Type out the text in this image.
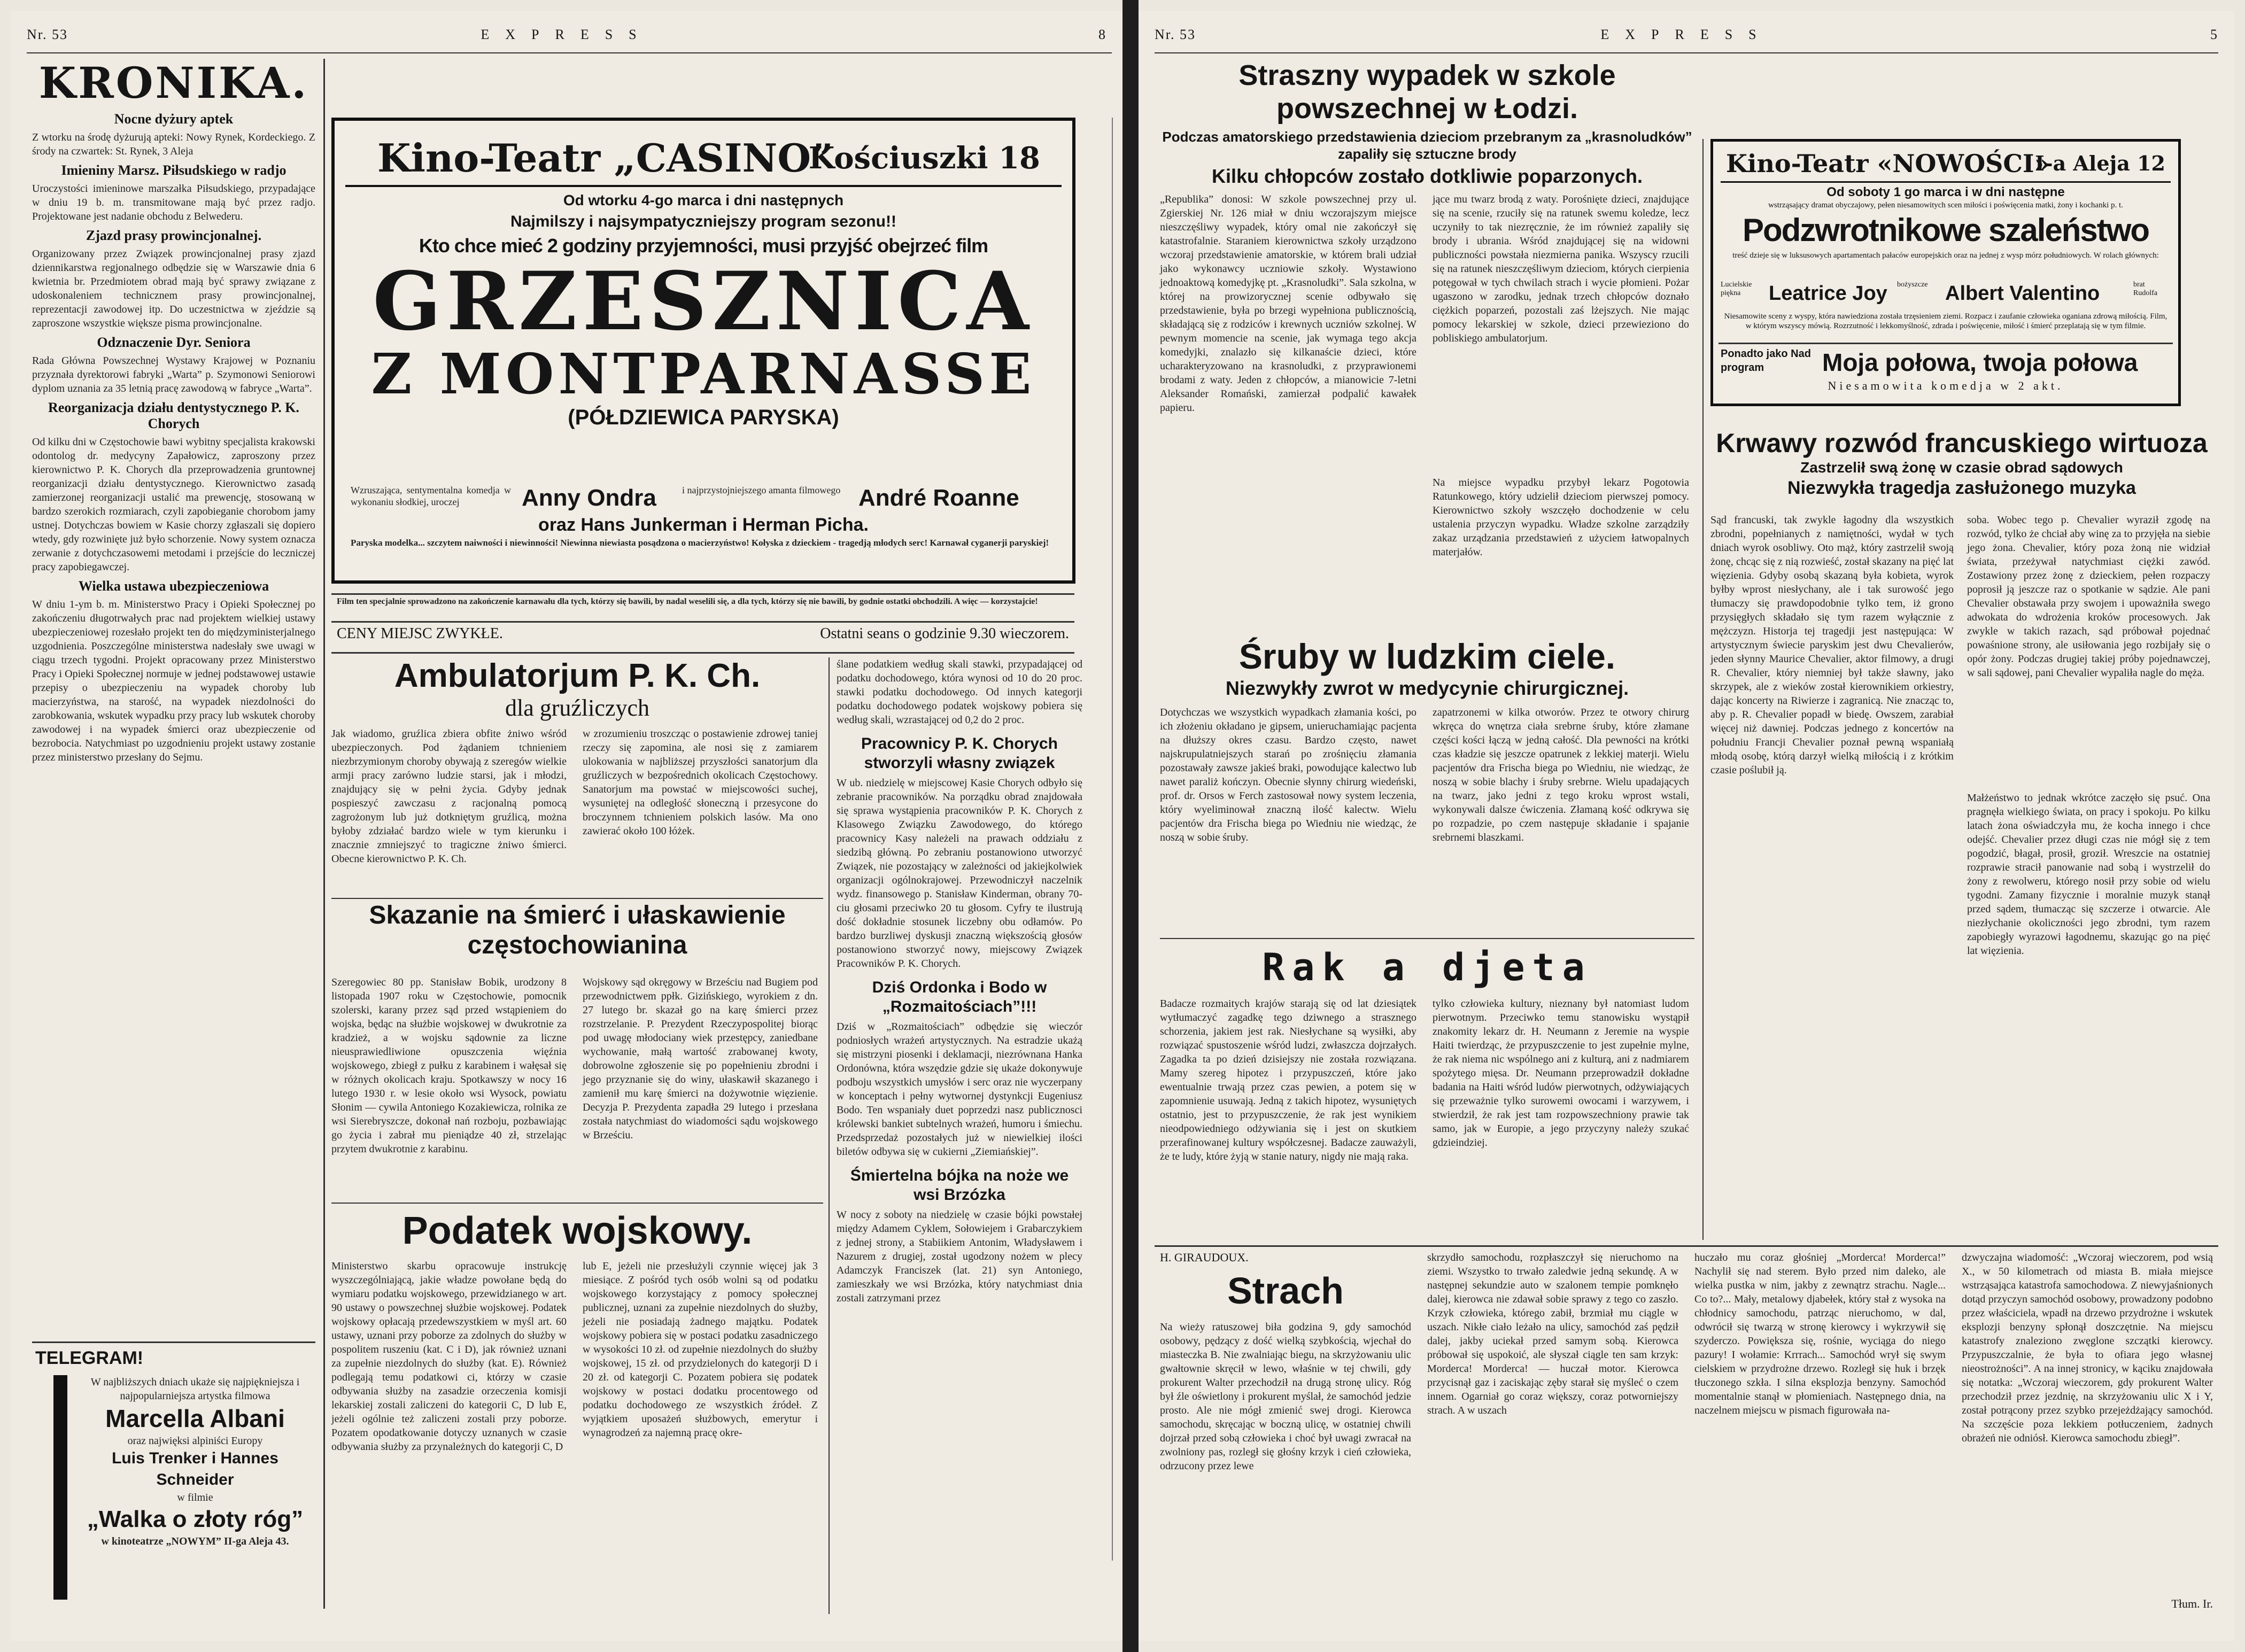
Nr. 53	EXPRESS	8
KRONIKA.
Nocne dyżury aptek
Z wtorku na środę dyżurują apteki: Nowy Rynek, Kordeckiego. Z środy na czwartek: St. Rynek, 3 Aleja
Imieniny Marsz. Piłsudskiego w radjo
Uroczystości imieninowe marszałka Piłsudskiego, przypadające w dniu 19 b. m. transmitowane mają być przez radjo. Projektowane jest nadanie obchodu z Belwederu.
Zjazd prasy prowincjonalnej.
Organizowany przez Związek prowincjonalnej prasy zjazd dziennikarstwa regjonalnego odbędzie się w Warszawie dnia 6 kwietnia br. Przedmiotem obrad mają być sprawy związane z udoskonaleniem technicznem prasy prowincjonalnej, reprezentacji zawodowej itp. Do uczestnictwa w zjeździe są zaproszone wszystkie większe pisma prowincjonalne.
Odznaczenie Dyr. Seniora
Rada Główna Powszechnej Wystawy Krajowej w Poznaniu przyznała dyrektorowi fabryki „Warta” p. Szymonowi Seniorowi dyplom uznania za 35 letnią pracę zawodową w fabryce „Warta”.
Reorganizacja działu dentystycznego P. K. Chorych
Od kilku dni w Częstochowie bawi wybitny specjalista krakowski odontolog dr. medycyny Zapałowicz, zaproszony przez kierownictwo P. K. Chorych dla przeprowadzenia gruntownej reorganizacji działu dentystycznego. Kierownictwo zasadą zamierzonej reorganizacji ustalić ma prewencję, stosowaną w bardzo szerokich rozmiarach, czyli zapobieganie chorobom jamy ustnej. Dotychczas bowiem w Kasie chorzy zgłaszali się dopiero wtedy, gdy rozwinięte już było schorzenie. Nowy system oznacza zerwanie z dotychczasowemi metodami i przejście do leczniczej pracy zapobiegawczej.
Wielka ustawa ubezpieczeniowa
W dniu 1-ym b. m. Ministerstwo Pracy i Opieki Społecznej po zakończeniu długotrwałych prac nad projektem wielkiej ustawy ubezpieczeniowej rozesłało projekt ten do międzyministerjalnego uzgodnienia. Poszczególne ministerstwa nadesłały swe uwagi w ciągu trzech tygodni. Projekt opracowany przez Ministerstwo Pracy i Opieki Społecznej normuje w jednej podstawowej ustawie przepisy o ubezpieczeniu na wypadek choroby lub macierzyństwa, na starość, na wypadek niezdolności do zarobkowania, wskutek wypadku przy pracy lub wskutek choroby zawodowej i na wypadek śmierci oraz ubezpieczenie od bezrobocia. Natychmiast po uzgodnieniu projekt ustawy zostanie przez ministerstwo przesłany do Sejmu.
TELEGRAM!
W najbliższych dniach ukaże się najpiękniejsza i najpopularniejsza artystka filmowa
Marcella Albani
oraz najwięksi alpiniści Europy
Luis Trenker i Hannes Schneider
w filmie
„Walka o złoty róg”
w kinoteatrze „NOWYM” II-ga Aleja 43.
Kino-Teatr „CASINO”
Kościuszki 18
Od wtorku 4-go marca i dni następnych
Najmilszy i najsympatyczniejszy program sezonu!!
Kto chce mieć 2 godziny przyjemności, musi przyjść obejrzeć film
GRZESZNICA
Z MONTPARNASSE
(PÓŁDZIEWICA PARYSKA)
Wzruszająca, sentymentalna komedja w wykonaniu słodkiej, uroczej	Anny Ondra	i najprzystojniejszego amanta filmowego André Roanne
oraz Hans Junkerman i Herman Picha.
Paryska modelka... szczytem naiwności i niewinności! Niewinna niewiasta posądzona o macierzyństwo! Kołyska z dzieckiem - tragedją młodych serc! Karnawał cyganerji paryskiej!
Film ten specjalnie sprowadzono na zakończenie karnawału dla tych, którzy się bawili, by nadal weselili się, a dla tych, którzy się nie bawili, by godnie ostatki obchodzili. A więc — korzystajcie!
CENY MIEJSC ZWYKŁE.	Ostatni seans o godzinie 9.30 wieczorem.
Ambulatorjum P. K. Ch.
dla gruźliczych
Jak wiadomo, gruźlica zbiera obfite żniwo wśród ubezpieczonych. Pod żądaniem tchnieniem niezbrzymionym choroby obywają z szeregów wielkie armji pracy zarówno ludzie starsi, jak i młodzi, znajdujący się w pełni życia. Gdyby jednak pospieszyć zawczasu z racjonalną pomocą zagrożonym lub już dotkniętym gruźlicą, można byłoby zdziałać bardzo wiele w tym kierunku i znacznie zmniejszyć to tragiczne żniwo śmierci. Obecne kierownictwo P. K. Ch.
w zrozumieniu troszcząc o postawienie zdrowej taniej rzeczy się zapomina, ale nosi się z zamiarem ulokowania w najbliższej przyszłości sanatorjum dla gruźliczych w bezpośrednich okolicach Częstochowy. Sanatorjum ma powstać w miejscowości suchej, wysuniętej na odległość słoneczną i przesycone do broczynnem tchnieniem polskich lasów. Ma ono zawierać około 100 łóżek.
Skazanie na śmierć i ułaskawienie częstochowianina
Szeregowiec 80 pp. Stanisław Bobik, urodzony 8 listopada 1907 roku w Częstochowie, pomocnik szolerski, karany przez sąd przed wstąpieniem do wojska, będąc na służbie wojskowej w dwukrotnie za kradzież, a w wojsku sądownie za liczne nieusprawiedliwione opuszczenia więźnia wojskowego, zbiegł z pułku z karabinem i wałęsał się w różnych okolicach kraju. Spotkawszy w nocy 16 lutego 1930 r. w lesie około wsi Wysock, powiatu Słonim — cywila Antoniego Kozakiewicza, rolnika ze wsi Sierebryszcze, dokonał nań rozboju, pozbawiając go życia i zabrał mu pieniądze 40 zł, strzelając przytem dwukrotnie z karabinu.
Wojskowy sąd okręgowy w Brześciu nad Bugiem pod przewodnictwem ppłk. Gizińskiego, wyrokiem z dn. 27 lutego br. skazał go na karę śmierci przez rozstrzelanie. P. Prezydent Rzeczypospolitej biorąc pod uwagę młodociany wiek przestępcy, zaniedbane wychowanie, małą wartość zrabowanej kwoty, dobrowolne zgłoszenie się po popełnieniu zbrodni i jego przyznanie się do winy, ułaskawił skazanego i zamienił mu karę śmierci na dożywotnie więzienie. Decyzja P. Prezydenta zapadła 29 lutego i przesłana została natychmiast do wiadomości sądu wojskowego w Brześciu.
Podatek wojskowy.
Ministerstwo skarbu opracowuje instrukcję wyszczególniającą, jakie władze powołane będą do wymiaru podatku wojskowego, przewidzianego w art. 90 ustawy o powszechnej służbie wojskowej. Podatek wojskowy opłacają przedewszystkiem w myśl art. 60 ustawy, uznani przy poborze za zdolnych do służby w pospolitem ruszeniu (kat. C i D), jak również uznani za zupełnie niezdolnych do służby (kat. E). Również podlegają temu podatkowi ci, którzy w czasie odbywania służby na zasadzie orzeczenia komisji lekarskiej zostali zaliczeni do kategorii C, D lub E, jeżeli ogólnie też zaliczeni zostali przy poborze. Pozatem opodatkowanie dotyczy uznanych w czasie odbywania służby za przynależnych do kategorji C, D
lub E, jeżeli nie przesłużyli czynnie więcej jak 3 miesiące. Z pośród tych osób wolni są od podatku wojskowego korzystający z pomocy społecznej publicznej, uznani za zupełnie niezdolnych do służby, jeżeli nie posiadają żadnego majątku. Podatek wojskowy pobiera się w postaci podatku zasadniczego w wysokości 10 zł. od zupełnie niezdolnych do służby wojskowej, 15 zł. od przydzielonych do kategorji D i 20 zł. od kategorji C. Pozatem pobiera się podatek wojskowy w postaci dodatku procentowego od podatku dochodowego ze wszystkich źródeł. Z wyjątkiem uposażeń służbowych, emerytur i wynagrodzeń za najemną pracę okre-
ślane podatkiem według skali stawki, przypadającej od podatku dochodowego, która wynosi od 10 do 20 proc. stawki podatku dochodowego. Od innych kategorji podatku dochodowego podatek wojskowy pobiera się według skali, wzrastającej od 0,2 do 2 proc.
Pracownicy P. K. Chorych stworzyli własny związek
W ub. niedzielę w miejscowej Kasie Chorych odbyło się zebranie pracowników. Na porządku obrad znajdowała się sprawa wystąpienia pracowników P. K. Chorych z Klasowego Związku Zawodowego, do którego pracownicy Kasy należeli na prawach oddziału z siedzibą główną. Po zebraniu postanowiono utworzyć Związek, nie pozostający w zależności od jakiejkolwiek organizacji ogólnokrajowej. Przewodniczył naczelnik wydz. finansowego p. Stanisław Kinderman, obrany 70-ciu głosami przeciwko 20 tu głosom. Cyfry te ilustrują dość dokładnie stosunek liczebny obu odłamów. Po bardzo burzliwej dyskusji znaczną większością głosów postanowiono stworzyć nowy, miejscowy Związek Pracowników P. K. Chorych.
Dziś Ordonka i Bodo w „Rozmaitościach”!!!
Dziś w „Rozmaitościach” odbędzie się wieczór podniosłych wrażeń artystycznych. Na estradzie ukażą się mistrzyni piosenki i deklamacji, niezrównana Hanka Ordonówna, która wszędzie gdzie się ukaże dokonywuje podboju wszystkich umysłów i serc oraz nie wyczerpany w konceptach i pełny wytwornej dystynkcji Eugeniusz Bodo. Ten wspaniały duet poprzedzi nasz publicznosci królewski bankiet subtelnych wrażeń, humoru i śmiechu. Przedsprzedaż pozostałych już w niewielkiej ilości biletów odbywa się w cukierni „Ziemiańskiej”.
Śmiertelna bójka na noże we wsi Brzózka
W nocy z soboty na niedzielę w czasie bójki powstałej między Adamem Cyklem, Sołowiejem i Grabarczykiem z jednej strony, a Stabiikiem Antonim, Władysławem i Nazurem z drugiej, został ugodzony nożem w plecy Adamczyk Franciszek (lat. 21) syn Antoniego, zamieszkały we wsi Brzózka, który natychmiast dnia zostali zatrzymani przez
Nr. 53	EXPRESS	5
Straszny wypadek w szkole powszechnej w Łodzi.
Podczas amatorskiego przedstawienia dzieciom przebranym za „krasnoludków” zapaliły się sztuczne brody
Kilku chłopców zostało dotkliwie poparzonych.
„Republika” donosi: W szkole powszechnej przy ul. Zgierskiej Nr. 126 miał w dniu wczorajszym miejsce nieszczęśliwy wypadek, który omal nie zakończył się katastrofalnie. Staraniem kierownictwa szkoły urządzono wczoraj przedstawienie amatorskie, w którem brali udział jako wykonawcy uczniowie szkoły. Wystawiono jednoaktową komedyjkę pt. „Krasnoludki”. Sala szkolna, w której na prowizorycznej scenie odbywało się przedstawienie, była po brzegi wypełniona publicznością, składającą się z rodziców i krewnych uczniów szkolnej. W pewnym momencie na scenie, jak wymaga tego akcja komedyjki, znalazło się kilkanaście dzieci, które ucharakteryzowano na krasnoludki, z przyprawionemi brodami z waty. Jeden z chłopców, a mianowicie 7-letni Aleksander Romański, zamierzał podpalić kawałek papieru.
jące mu twarz brodą z waty. Porośnięte dzieci, znajdujące się na scenie, rzuciły się na ratunek swemu koledze, lecz uczyniły to tak niezręcznie, że im również zapaliły się brody i ubrania. Wśród znajdującej się na widowni publiczności powstała niezmierna panika. Wszyscy rzucili się na ratunek nieszczęśliwym dzieciom, których cierpienia potęgował w tych chwilach strach i wycie płomieni. Pożar ugaszono w zarodku, jednak trzech chłopców doznało ciężkich poparzeń, pozostali zaś lżejszych. Nie mając pomocy lekarskiej w szkole, dzieci przewieziono do pobliskiego ambulatorjum.
Na miejsce wypadku przybył lekarz Pogotowia Ratunkowego, który udzielił dzieciom pierwszej pomocy. Kierownictwo szkoły wszczęło dochodzenie w celu ustalenia przyczyn wypadku. Władze szkolne zarządziły zakaz urządzania przedstawień z użyciem łatwopalnych materjałów.
Kino-Teatr «NOWOŚCI»
I-a Aleja 12
Od soboty 1 go marca i w dni następne
wstrząsający dramat obyczajowy, pełen niesamowitych scen miłości i poświęcenia matki, żony i kochanki p. t.
Podzwrotnikowe szaleństwo
treść dzieje się w luksusowych apartamentach pałaców europejskich oraz na jednej z wysp mórz południowych. W rolach głównych:
Lucielskie piękna	Leatrice Joy bożyszcze Albert Valentino	brat Rudolfa
Niesamowite sceny z wyspy, która nawiedziona została trzęsieniem ziemi. Rozpacz i zaufanie człowieka oganiana zdrową miłością. Film, w którym wszyscy mówią. Rozrzutność i lekkomyślność, zdrada i poświęcenie, miłość i śmierć przeplatają się w tym filmie.
Ponadto jako Nad program	Moja połowa, twoja połowa
Niesamowita komedja w 2 akt.
Krwawy rozwód francuskiego wirtuoza
Zastrzelił swą żonę w czasie obrad sądowych
Niezwykła tragedja zasłużonego muzyka
Sąd francuski, tak zwykle łagodny dla wszystkich zbrodni, popełnianych z namiętności, wydał w tych dniach wyrok osobliwy. Oto mąż, który zastrzelił swoją żonę, chcąc się z nią rozwieść, został skazany na pięć lat więzienia. Gdyby osobą skazaną była kobieta, wyrok byłby wprost niesłychany, ale i tak surowość jego tłumaczy się prawdopodobnie tylko tem, iż grono przysięgłych składało się tym razem wyłącznie z mężczyzn. Historja tej tragedji jest następująca: W artystycznym świecie paryskim jest dwu Chevalierów, jeden słynny Maurice Chevalier, aktor filmowy, a drugi R. Chevalier, który niemniej był także sławny, jako skrzypek, ale z wieków został kierownikiem orkiestry, dając koncerty na Riwierze i zagranicą. Nie znacząc to, aby p. R. Chevalier popadł w biedę. Owszem, zarabiał więcej niż dawniej. Podczas jednego z koncertów na południu Francji Chevalier poznał pewną wspaniałą młodą osobę, którą darzył wielką miłością i z krótkim czasie poślubił ją.
soba. Wobec tego p. Chevalier wyraził zgodę na rozwód, tylko że chciał aby winę za to przyjęła na siebie jego żona. Chevalier, który poza żoną nie widział świata, przeżywał natychmiast ciężki zawód. Zostawiony przez żonę z dzieckiem, pełen rozpaczy poprosił ją jeszcze raz o spotkanie w sądzie. Ale pani Chevalier obstawała przy swojem i upoważniła swego adwokata do wdrożenia kroków procesowych. Jak zwykle w takich razach, sąd próbował pojednać powaśnione strony, ale usiłowania jego rozbijały się o opór żony. Podczas drugiej takiej próby pojednawczej, w sali sądowej, pani Chevalier wypaliła nagle do męża.
Małżeństwo to jednak wkrótce zaczęło się psuć. Ona pragnęła wielkiego świata, on pracy i spokoju. Po kilku latach żona oświadczyła mu, że kocha innego i chce odejść. Chevalier przez długi czas nie mógł się z tem pogodzić, błagał, prosił, groził. Wreszcie na ostatniej rozprawie stracił panowanie nad sobą i wystrzelił do żony z rewolweru, którego nosił przy sobie od wielu tygodni. Zamany fizycznie i moralnie muzyk stanął przed sądem, tłumacząc się szczerze i otwarcie. Ale niezłychanie okoliczności jego zbrodni, tym razem zapobiegły wyrazowi łagodnemu, skazując go na pięć lat więzienia.
Śruby w ludzkim ciele.
Niezwykły zwrot w medycynie chirurgicznej.
Dotychczas we wszystkich wypadkach złamania kości, po ich złożeniu okładano je gipsem, unieruchamiając pacjenta na dłuższy okres czasu. Bardzo często, nawet najskrupulatniejszych starań po zrośnięciu złamania pozostawały zawsze jakieś braki, powodujące kalectwo lub nawet paraliż kończyn. Obecnie słynny chirurg wiedeński, prof. dr. Orsos w Ferch zastosował nowy system leczenia, który wyeliminował znaczną ilość kalectw. Wielu pacjentów dra Frischa biega po Wiedniu nie wiedząc, że noszą w sobie śruby.
zapatrzonemi w kilka otworów. Przez te otwory chirurg wkręca do wnętrza ciała srebrne śruby, które złamane części kości łączą w jedną całość. Dla pewności na krótki czas kładzie się jeszcze opatrunek z lekkiej materji. Wielu pacjentów dra Frischa biega po Wiedniu, nie wiedząc, że noszą w sobie blachy i śruby srebrne. Wielu upadających na twarz, jako jedni z tego kroku wprost wstali, wykonywali dalsze ćwiczenia. Złamaną kość odkrywa się po rozpadzie, po czem następuje składanie i spajanie srebrnemi blaszkami.
Rak a djeta
Badacze rozmaitych krajów starają się od lat dziesiątek wytłumaczyć zagadkę tego dziwnego a strasznego schorzenia, jakiem jest rak. Niesłychane są wysiłki, aby rozwiązać spustoszenie wśród ludzi, zwłaszcza dojrzałych. Zagadka ta po dzień dzisiejszy nie została rozwiązana. Mamy szereg hipotez i przypuszczeń, które jako ewentualnie trwają przez czas pewien, a potem się w zapomnienie usuwają. Jedną z takich hipotez, wysuniętych ostatnio, jest to przypuszczenie, że rak jest wynikiem nieodpowiedniego odżywiania się i jest on skutkiem przerafinowanej kultury współczesnej. Badacze zauważyli, że te ludy, które żyją w stanie natury, nigdy nie mają raka.
tylko człowieka kultury, nieznany był natomiast ludom pierwotnym. Przeciwko temu stanowisku wystąpił znakomity lekarz dr. H. Neumann z Jeremie na wyspie Haiti twierdząc, że przypuszczenie to jest zupełnie mylne, że rak niema nic wspólnego ani z kulturą, ani z nadmiarem spożytego mięsa. Dr. Neumann przeprowadził dokładne badania na Haiti wśród ludów pierwotnych, odżywiających się przeważnie tylko surowemi owocami i warzywem, i stwierdził, że rak jest tam rozpowszechniony prawie tak samo, jak w Europie, a jego przyczyny należy szukać gdzieindziej.
H. GIRAUDOUX.
Strach
Na wieży ratuszowej biła godzina 9, gdy samochód osobowy, pędzący z dość wielką szybkością, wjechał do miasteczka B. Nie zwalniając biegu, na skrzyżowaniu ulic gwałtownie skręcił w lewo, właśnie w tej chwili, gdy prokurent Walter przechodził na drugą stronę ulicy. Róg był źle oświetlony i prokurent myślał, że samochód jedzie prosto. Ale nie mógł zmienić swej drogi. Kierowca samochodu, skręcając w boczną ulicę, w ostatniej chwili dojrzał przed sobą człowieka i choć był uwagi zwracał na zwolniony pas, rozległ się głośny krzyk i cień człowieka, odrzucony przez lewe
skrzydło samochodu, rozpłaszczył się nieruchomo na ziemi. Wszystko to trwało zaledwie jedną sekundę. A w następnej sekundzie auto w szalonem tempie pomknęło dalej, kierowca nie zdawał sobie sprawy z tego co zaszło. Krzyk człowieka, którego zabił, brzmiał mu ciągle w uszach. Nikłe ciało leżało na ulicy, samochód zaś pędził dalej, jakby uciekał przed samym sobą. Kierowca próbował się uspokoić, ale słyszał ciągle ten sam krzyk: Morderca! Morderca! — huczał motor. Kierowca przycisnął gaz i zaciskając zęby starał się myśleć o czem innem. Ogarniał go coraz większy, coraz potworniejszy strach. A w uszach
huczało mu coraz głośniej „Morderca! Morderca!” Nachylił się nad sterem. Było przed nim daleko, ale wielka pustka w nim, jakby z zewnątrz strachu. Nagle... Co to?... Mały, metalowy djabełek, który stał z wysoka na chłodnicy samochodu, patrząc nieruchomo, w dal, odwrócił się twarzą w stronę kierowcy i wykrzywił się szyderczo. Powiększa się, rośnie, wyciąga do niego pazury! I wołamie: Krrrach... Samochód wrył się swym cielskiem w przydrożne drzewo. Rozległ się huk i brzęk tłuczonego szkła. I silna eksplozja benzyny. Samochód momentalnie stanął w płomieniach. Następnego dnia, na naczelnem miejscu w pismach figurowała na-
dzwyczajna wiadomość: „Wczoraj wieczorem, pod wsią X., w 50 kilometrach od miasta B. miała miejsce wstrząsająca katastrofa samochodowa. Z niewyjaśnionych dotąd przyczyn samochód osobowy, prowadzony podobno przez właściciela, wpadł na drzewo przydrożne i wskutek eksplozji benzyny spłonął doszczętnie. Na miejscu katastrofy znaleziono zwęglone szczątki kierowcy. Przypuszczalnie, że była to ofiara jego własnej nieostrożności”. A na innej stronicy, w kąciku znajdowała się notatka: „Wczoraj wieczorem, gdy prokurent Walter przechodził przez jezdnię, na skrzyżowaniu ulic X i Y, został potrącony przez szybko przejeżdżający samochód. Na szczęście poza lekkiem potłuczeniem, żadnych obrażeń nie odniósł. Kierowca samochodu zbiegł”.
Tłum. Ir.
